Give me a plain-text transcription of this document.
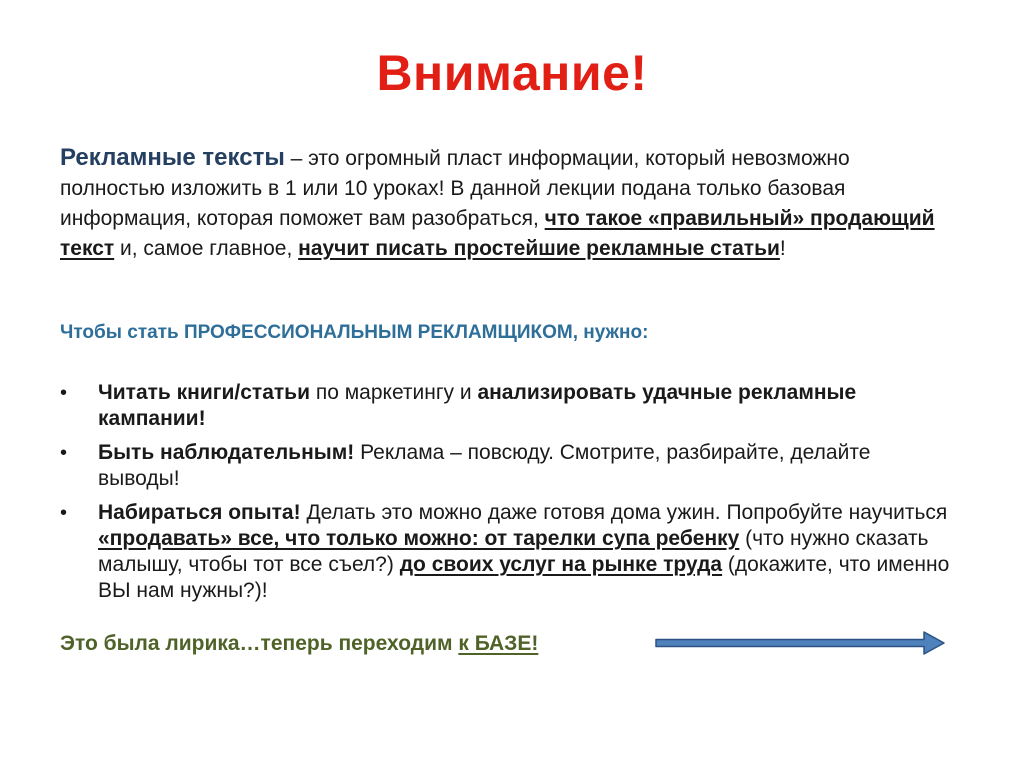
Внимание!
Рекламные тексты – это огромный пласт информации, который невозможно полностью изложить в 1 или 10 уроках! В данной лекции подана только базовая информация, которая поможет вам разобраться, что такое «правильный» продающий текст и, самое главное, научит писать простейшие рекламные статьи!
Чтобы стать ПРОФЕССИОНАЛЬНЫМ РЕКЛАМЩИКОМ, нужно:
• Читать книги/статьи по маркетингу и анализировать удачные рекламные кампании!
• Быть наблюдательным! Реклама – повсюду. Смотрите, разбирайте, делайте выводы!
• Набираться опыта! Делать это можно даже готовя дома ужин. Попробуйте научиться «продавать» все, что только можно: от тарелки супа ребенку (что нужно сказать малышу, чтобы тот все съел?) до своих услуг на рынке труда (докажите, что именно ВЫ нам нужны?)!
Это была лирика…теперь переходим к БАЗЕ!
